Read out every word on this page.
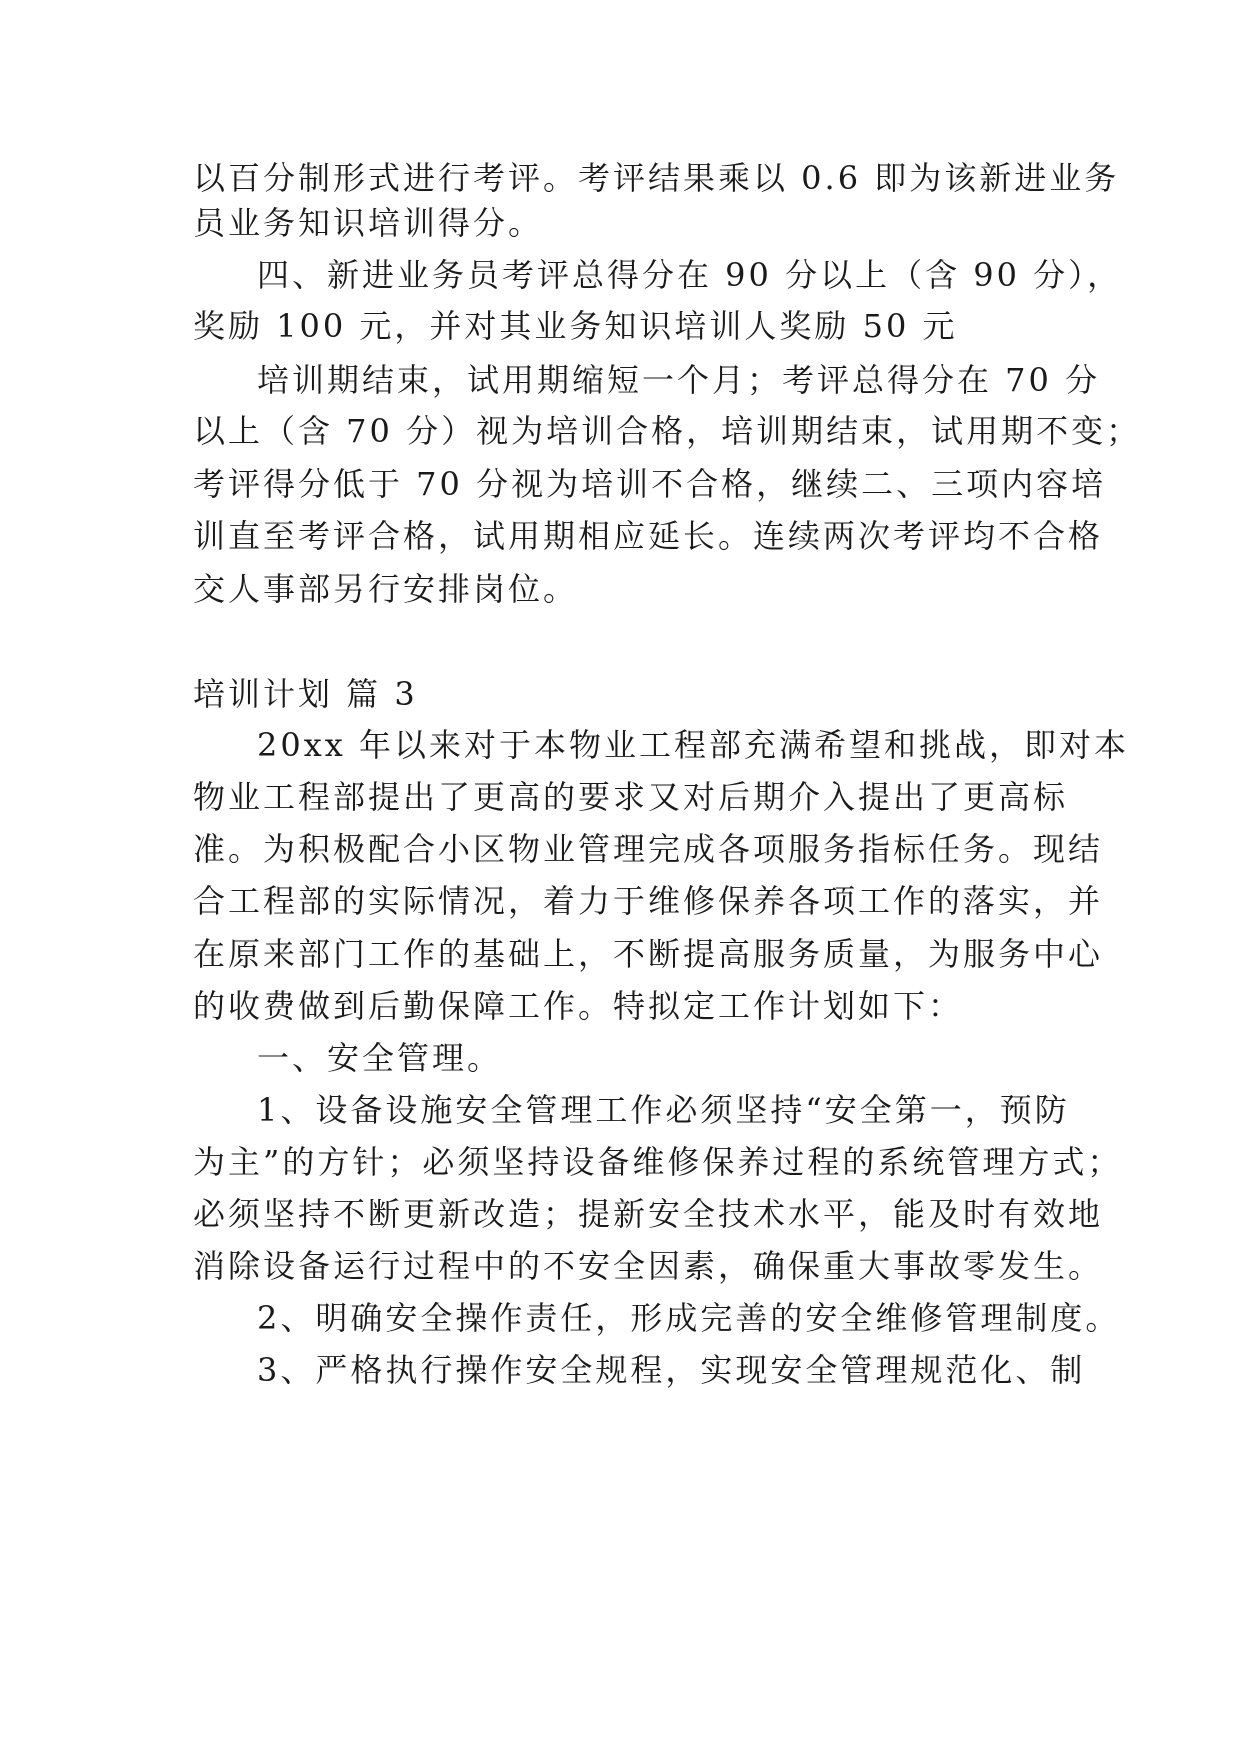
以百分制形式进行考评。考评结果乘以 0.6 即为该新进业务
员业务知识培训得分。
四、新进业务员考评总得分在 90 分以上（含 90 分），
奖励 100 元，并对其业务知识培训人奖励 50 元
培训期结束，试用期缩短一个月；考评总得分在 70 分
以上（含 70 分）视为培训合格，培训期结束，试用期不变；
考评得分低于 70 分视为培训不合格，继续二、三项内容培
训直至考评合格，试用期相应延长。连续两次考评均不合格
交人事部另行安排岗位。
培训计划 篇 3
20xx 年以来对于本物业工程部充满希望和挑战，即对本
物业工程部提出了更高的要求又对后期介入提出了更高标
准。为积极配合小区物业管理完成各项服务指标任务。现结
合工程部的实际情况，着力于维修保养各项工作的落实，并
在原来部门工作的基础上，不断提高服务质量，为服务中心
的收费做到后勤保障工作。特拟定工作计划如下：
一、安全管理。
1、设备设施安全管理工作必须坚持“安全第一，预防
为主”的方针；必须坚持设备维修保养过程的系统管理方式；
必须坚持不断更新改造；提新安全技术水平，能及时有效地
消除设备运行过程中的不安全因素，确保重大事故零发生。
2、明确安全操作责任，形成完善的安全维修管理制度。
3、严格执行操作安全规程，实现安全管理规范化、制
